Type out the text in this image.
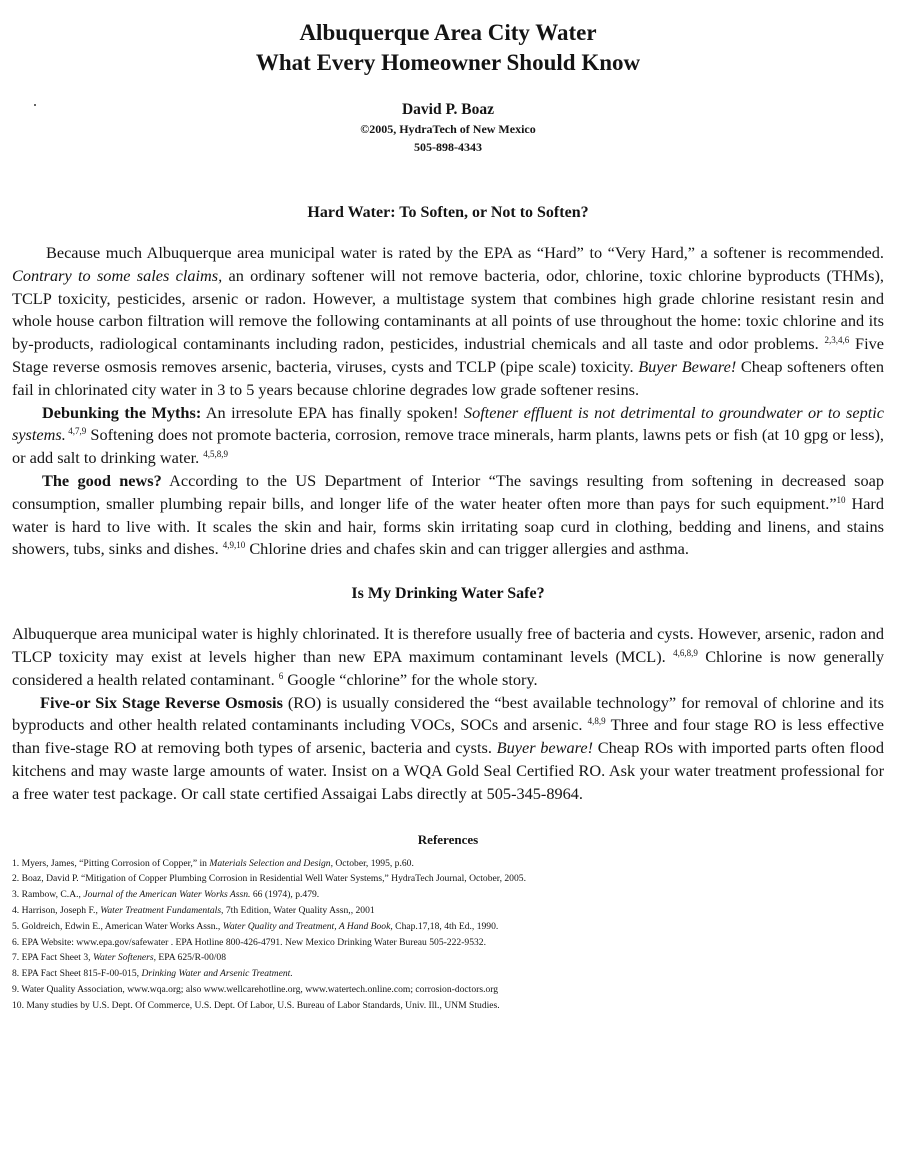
Albuquerque Area City Water
What Every Homeowner Should Know
David P. Boaz
©2005, HydraTech of New Mexico
505-898-4343
Hard Water: To Soften, or Not to Soften?

Because much Albuquerque area municipal water is rated by the EPA as “Hard” to “Very Hard,” a softener is recommended. Contrary to some sales claims, an ordinary softener will not remove bacteria, odor, chlorine, toxic chlorine byproducts (THMs), TCLP toxicity, pesticides, arsenic or radon. However, a multistage system that combines high grade chlorine resistant resin and whole house carbon filtration will remove the following contaminants at all points of use throughout the home: toxic chlorine and its by-products, radiological contaminants including radon, pesticides, industrial chemicals and all taste and odor problems. $^{2,3,4,6}$ Five Stage reverse osmosis removes arsenic, bacteria, viruses, cysts and TCLP (pipe scale) toxicity. Buyer Beware! Cheap softeners often fail in chlorinated city water in 3 to 5 years because chlorine degrades low grade softener resins.

Debunking the Myths: An irresolute EPA has finally spoken! Softener effluent is not detrimental to groundwater or to septic systems. $^{4,7,9}$ Softening does not promote bacteria, corrosion, remove trace minerals, harm plants, lawns pets or fish (at 10 gpg or less), or add salt to drinking water. $^{4,5,8,9}$

The good news? According to the US Department of Interior “The savings resulting from softening in decreased soap consumption, smaller plumbing repair bills, and longer life of the water heater often more than pays for such equipment.”$^{10}$ Hard water is hard to live with. It scales the skin and hair, forms skin irritating soap curd in clothing, bedding and linens, and stains showers, tubs, sinks and dishes. $^{4,9,10}$ Chlorine dries and chafes skin and can trigger allergies and asthma.

Is My Drinking Water Safe?

Albuquerque area municipal water is highly chlorinated. It is therefore usually free of bacteria and cysts. However, arsenic, radon and TLCP toxicity may exist at levels higher than new EPA maximum contaminant levels (MCL). $^{4,6,8,9}$ Chlorine is now generally considered a health related contaminant. $^6$ Google “chlorine” for the whole story.

Five-or Six Stage Reverse Osmosis (RO) is usually considered the “best available technology” for removal of chlorine and its byproducts and other health related contaminants including VOCs, SOCs and arsenic. $^{4,8,9}$ Three and four stage RO is less effective than five-stage RO at removing both types of arsenic, bacteria and cysts. Buyer beware! Cheap ROs with imported parts often flood kitchens and may waste large amounts of water. Insist on a WQA Gold Seal Certified RO. Ask your water treatment professional for a free water test package. Or call state certified Assaigai Labs directly at 505-345-8964.

References
1. Myers, James, “Pitting Corrosion of Copper,” in Materials Selection and Design, October, 1995, p.60.
2. Boaz, David P. “Mitigation of Copper Plumbing Corrosion in Residential Well Water Systems,” HydraTech Journal, October, 2005.
3. Rambow, C.A., Journal of the American Water Works Assn. 66 (1974), p.479.
4. Harrison, Joseph F., Water Treatment Fundamentals, 7th Edition, Water Quality Assn,, 2001
5. Goldreich, Edwin E., American Water Works Assn., Water Quality and Treatment, A Hand Book, Chap.17,18, 4th Ed., 1990.
6. EPA Website: www.epa.gov/safewater . EPA Hotline 800-426-4791. New Mexico Drinking Water Bureau 505-222-9532.
7. EPA Fact Sheet 3, Water Softeners, EPA 625/R-00/08
8. EPA Fact Sheet 815-F-00-015, Drinking Water and Arsenic Treatment.
9. Water Quality Association, www.wqa.org; also www.wellcarehotline.org, www.watertech.online.com; corrosion-doctors.org
10. Many studies by U.S. Dept. Of Commerce, U.S. Dept. Of Labor, U.S. Bureau of Labor Standards, Univ. Ill., UNM Studies.
